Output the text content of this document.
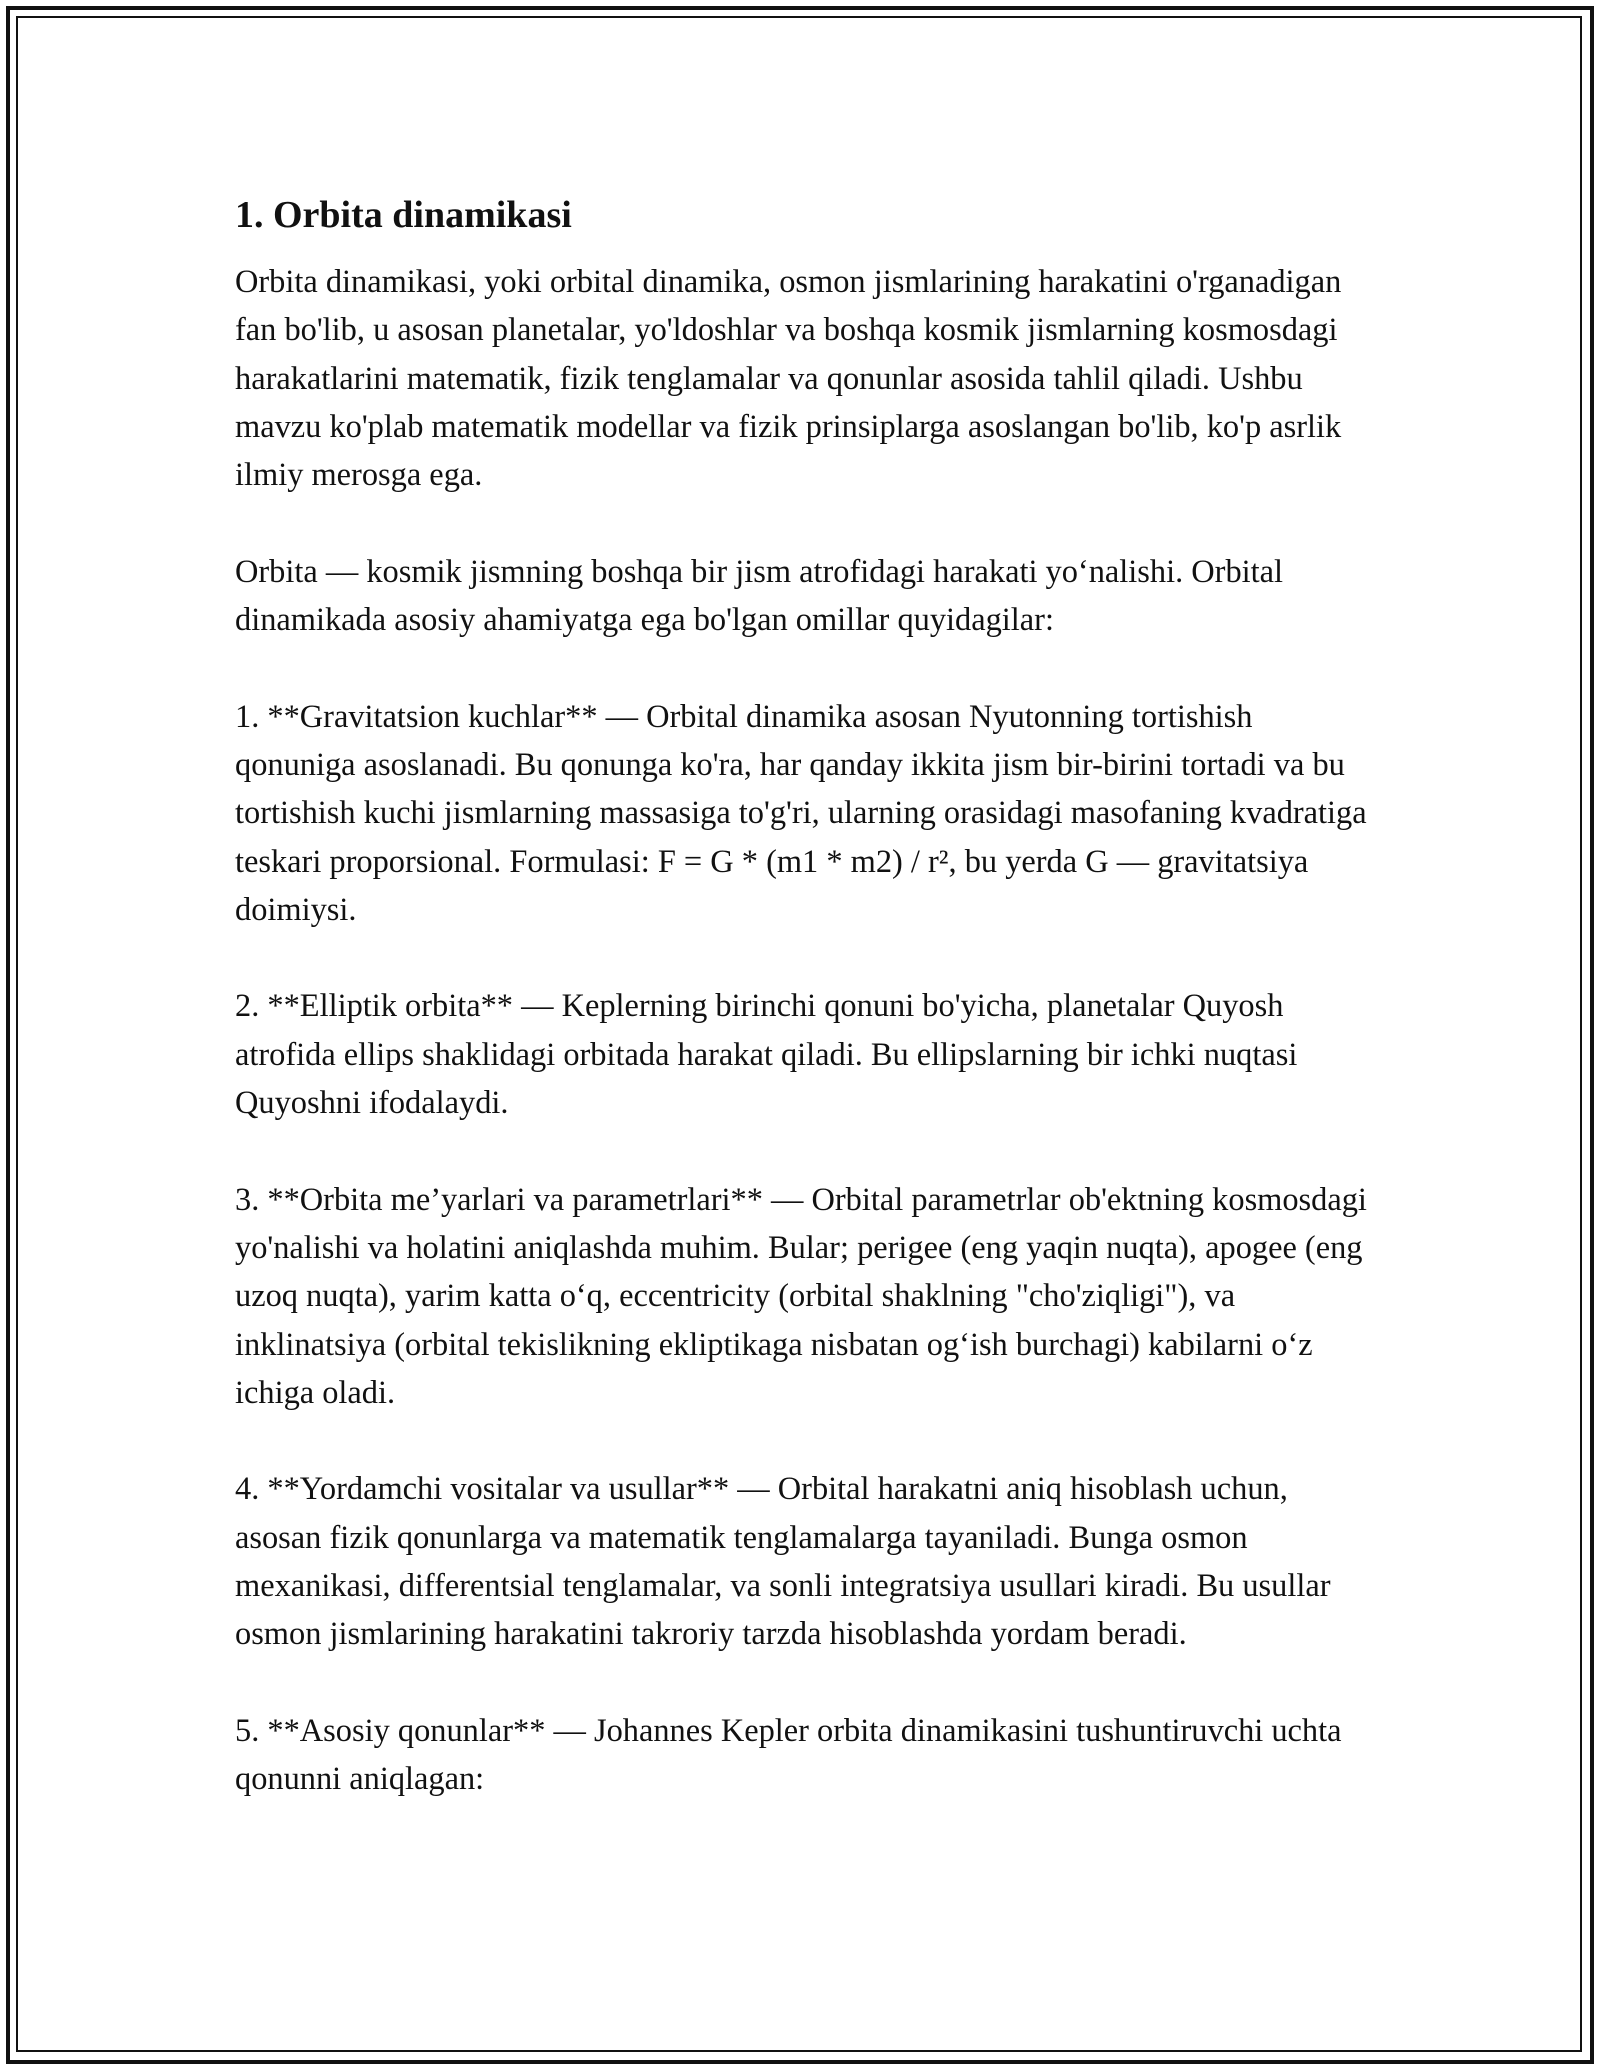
1. Orbita dinamikasi

Orbita dinamikasi, yoki orbital dinamika, osmon jismlarining harakatini o'rganadigan fan bo'lib, u asosan planetalar, yo'ldoshlar va boshqa kosmik jismlarning kosmosdagi harakatlarini matematik, fizik tenglamalar va qonunlar asosida tahlil qiladi. Ushbu mavzu ko'plab matematik modellar va fizik prinsiplarga asoslangan bo'lib, ko'p asrlik ilmiy merosga ega.

Orbita — kosmik jismning boshqa bir jism atrofidagi harakati yo‘nalishi. Orbital dinamikada asosiy ahamiyatga ega bo'lgan omillar quyidagilar:

1. **Gravitatsion kuchlar** — Orbital dinamika asosan Nyutonning tortishish qonuniga asoslanadi. Bu qonunga ko'ra, har qanday ikkita jism bir-birini tortadi va bu tortishish kuchi jismlarning massasiga to'g'ri, ularning orasidagi masofaning kvadratiga teskari proporsional. Formulasi: F = G * (m1 * m2) / r², bu yerda G — gravitatsiya doimiysi.

2. **Elliptik orbita** — Keplerning birinchi qonuni bo'yicha, planetalar Quyosh atrofida ellips shaklidagi orbitada harakat qiladi. Bu ellipslarning bir ichki nuqtasi Quyoshni ifodalaydi.

3. **Orbita me’yarlari va parametrlari** — Orbital parametrlar ob'ektning kosmosdagi yo'nalishi va holatini aniqlashda muhim. Bular; perigee (eng yaqin nuqta), apogee (eng uzoq nuqta), yarim katta o‘q, eccentricity (orbital shaklning "cho'ziqligi"), va inklinatsiya (orbital tekislikning ekliptikaga nisbatan og‘ish burchagi) kabilarni o‘z ichiga oladi.

4. **Yordamchi vositalar va usullar** — Orbital harakatni aniq hisoblash uchun, asosan fizik qonunlarga va matematik tenglamalarga tayaniladi. Bunga osmon mexanikasi, differentsial tenglamalar, va sonli integratsiya usullari kiradi. Bu usullar osmon jismlarining harakatini takroriy tarzda hisoblashda yordam beradi.

5. **Asosiy qonunlar** — Johannes Kepler orbita dinamikasini tushuntiruvchi uchta qonunni aniqlagan:
